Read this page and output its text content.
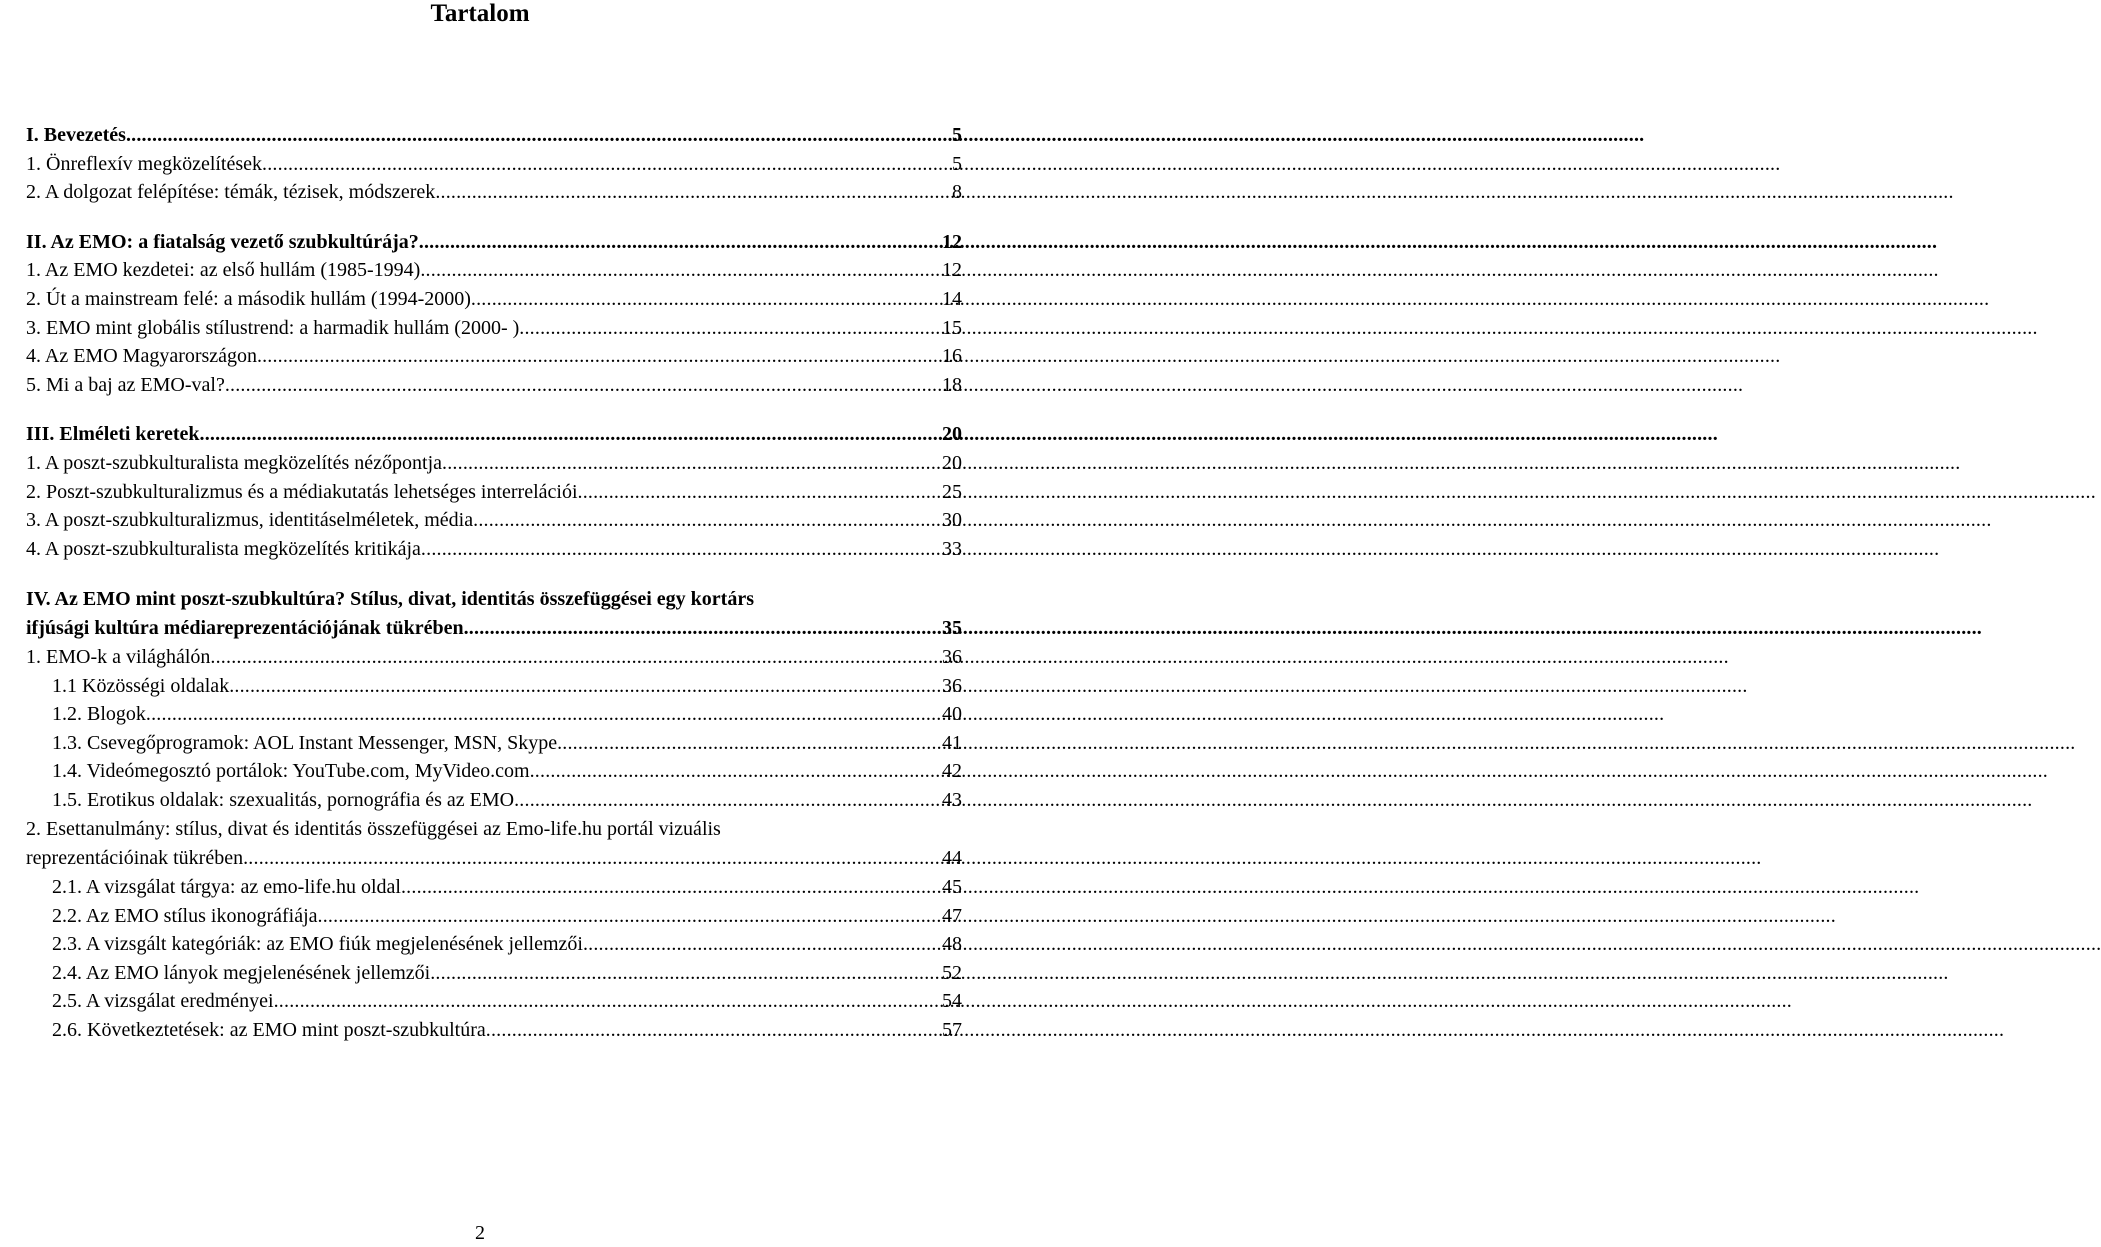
Tartalom
I. Bevezetés .....	5
1. Önreflexív megközelítések .....	5
2. A dolgozat felépítése: témák, tézisek, módszerek .....	8
II. Az EMO: a fiatalság vezető szubkultúrája? .....	12
1. Az EMO kezdetei: az első hullám (1985-1994) .....	12
2. Út a mainstream felé: a második hullám (1994-2000) .....	14
3. EMO mint globális stílustrend: a harmadik hullám (2000- ) .....	15
4. Az EMO Magyarországon. .....	16
5. Mi a baj az EMO-val? .....	18
III. Elméleti keretek .....	20
1. A poszt-szubkulturalista megközelítés nézőpontja .....	20
2. Poszt-szubkulturalizmus és a médiakutatás lehetséges interrelációi .....	25
3. A poszt-szubkulturalizmus, identitáselméletek, média .....	30
4. A poszt-szubkulturalista megközelítés kritikája .....	33
IV. Az EMO mint poszt-szubkultúra? Stílus, divat, identitás összefüggései egy kortárs
ifjúsági kultúra médiareprezentációjának tükrében .....	35
1. EMO-k a világhálón .....	36
1.1 Közösségi oldalak .....	36
1.2. Blogok .....	40
1.3. Csevegőprogramok: AOL Instant Messenger, MSN, Skype .....	41
1.4. Videómegosztó portálok: YouTube.com, MyVideo.com .....	42
1.5. Erotikus oldalak: szexualitás, pornográfia és az EMO .....	43
2. Esettanulmány: stílus, divat és identitás összefüggései az Emo-life.hu portál vizuális
reprezentációinak tükrében .....	44
2.1. A vizsgálat tárgya: az emo-life.hu oldal .....	45
2.2. Az EMO stílus ikonográfiája .....	47
2.3. A vizsgált kategóriák: az EMO fiúk megjelenésének jellemzői .....	48
2.4. Az EMO lányok megjelenésének jellemzői .....	52
2.5. A vizsgálat eredményei .....	54
2.6. Következtetések: az EMO mint poszt-szubkultúra .....	57
2
